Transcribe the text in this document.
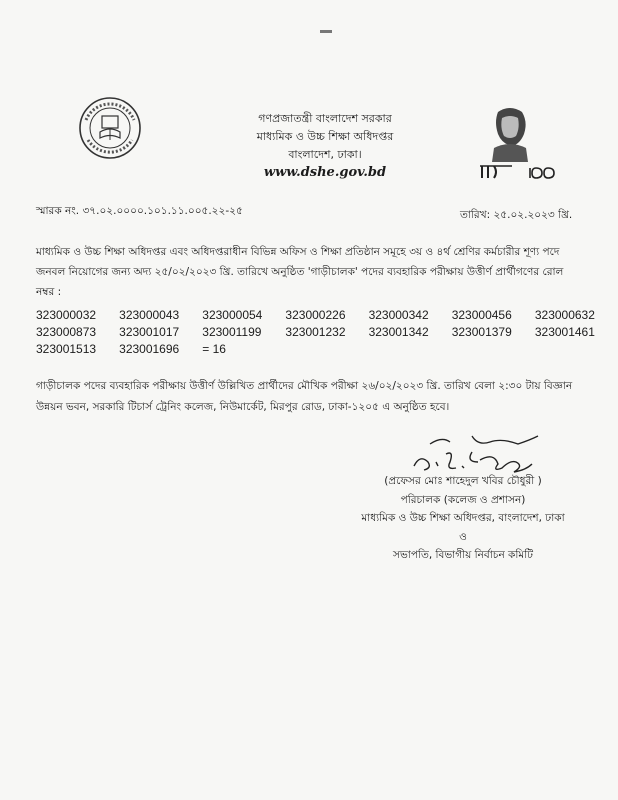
গণপ্রজাতন্ত্রী বাংলাদেশ সরকার
মাধ্যমিক ও উচ্চ শিক্ষা অধিদপ্তর
বাংলাদেশ, ঢাকা।
www.dshe.gov.bd
স্মারক নং. ৩৭.০২.০০০০.১০১.১১.০০৫.২২-২৫	তারিখ: ২৫.০২.২০২৩ খ্রি.
মাধ্যমিক ও উচ্চ শিক্ষা অধিদপ্তর এবং অধিদপ্তরাধীন বিভিন্ন অফিস ও শিক্ষা প্রতিষ্ঠান সমূহে ৩য় ও ৪র্থ শ্রেণির কর্মচারীর শূণ্য পদে জনবল নিয়োগের জন্য অদ্য ২৫/০২/২০২৩ খ্রি. তারিখে অনুষ্ঠিত 'গাড়ীচালক' পদের ব্যবহারিক পরীক্ষায় উত্তীর্ণ প্রার্থীগণের রোল নম্বর :
323000032	323000043	323000054	323000226	323000342	323000456	323000632
323000873	323001017	323001199	323001232	323001342	323001379	323001461
323001513	323001696	= 16				
গাড়ীচালক পদের ব্যবহারিক পরীক্ষায় উত্তীর্ণ উল্লিখিত প্রার্থীদের মৌখিক পরীক্ষা ২৬/০২/২০২৩ খ্রি. তারিখ বেলা ২:৩০ টায় বিজ্ঞান উন্নয়ন ভবন, সরকারি টিচার্স ট্রেনিং কলেজ, নিউমার্কেট, মিরপুর রোড, ঢাকা-১২০৫ এ অনুষ্ঠিত হবে।
(প্রফেসর মোঃ শাহেদুল খবির চৌধুরী )
পরিচালক (কলেজ ও প্রশাসন)
মাধ্যমিক ও উচ্চ শিক্ষা অধিদপ্তর, বাংলাদেশ, ঢাকা
ও
সভাপতি, বিভাগীয় নির্বাচন কমিটি
